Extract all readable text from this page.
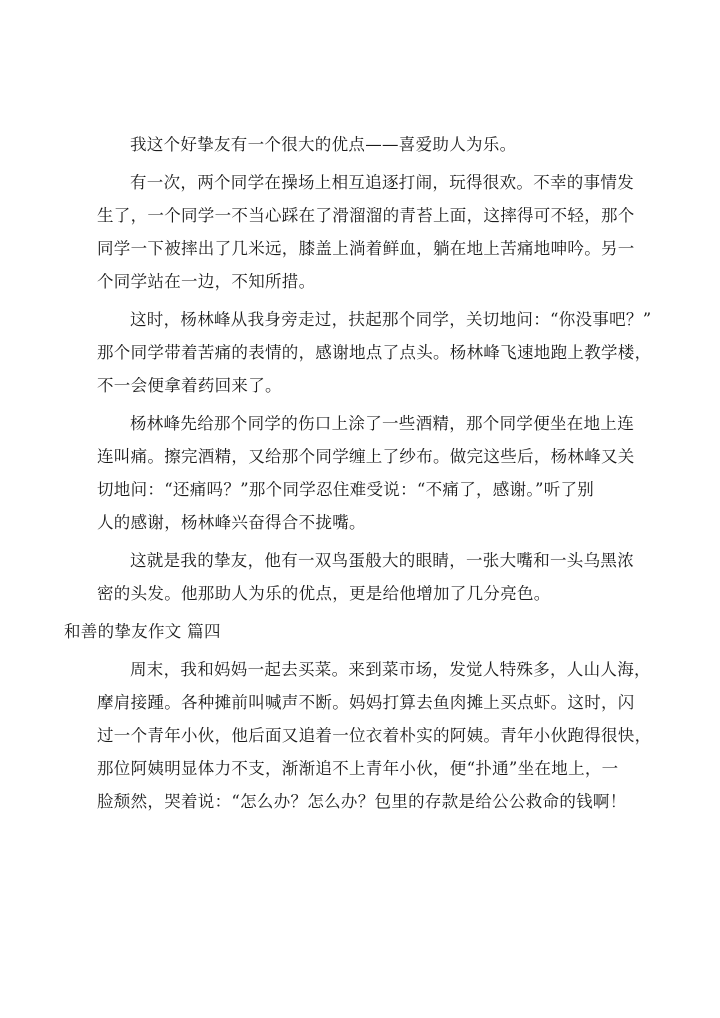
我这个好挚友有一个很大的优点——喜爱助人为乐。

有一次，两个同学在操场上相互追逐打闹，玩得很欢。不幸的事情发
生了，一个同学一不当心踩在了滑溜溜的青苔上面，这摔得可不轻，那个
同学一下被摔出了几米远，膝盖上淌着鲜血，躺在地上苦痛地呻吟。另一
个同学站在一边，不知所措。

这时，杨林峰从我身旁走过，扶起那个同学，关切地问：“你没事吧？”
那个同学带着苦痛的表情的，感谢地点了点头。杨林峰飞速地跑上教学楼，
不一会便拿着药回来了。

杨林峰先给那个同学的伤口上涂了一些酒精，那个同学便坐在地上连
连叫痛。擦完酒精，又给那个同学缠上了纱布。做完这些后，杨林峰又关
切地问：“还痛吗？”那个同学忍住难受说：“不痛了，感谢。”听了别
人的感谢，杨林峰兴奋得合不拢嘴。

这就是我的挚友，他有一双鸟蛋般大的眼睛，一张大嘴和一头乌黑浓
密的头发。他那助人为乐的优点，更是给他增加了几分亮色。

和善的挚友作文 篇四

周末，我和妈妈一起去买菜。来到菜市场，发觉人特殊多，人山人海，
摩肩接踵。各种摊前叫喊声不断。妈妈打算去鱼肉摊上买点虾。这时，闪
过一个青年小伙，他后面又追着一位衣着朴实的阿姨。青年小伙跑得很快，
那位阿姨明显体力不支，渐渐追不上青年小伙，便“扑通”坐在地上，一
脸颓然，哭着说：“怎么办？怎么办？包里的存款是给公公救命的钱啊！
